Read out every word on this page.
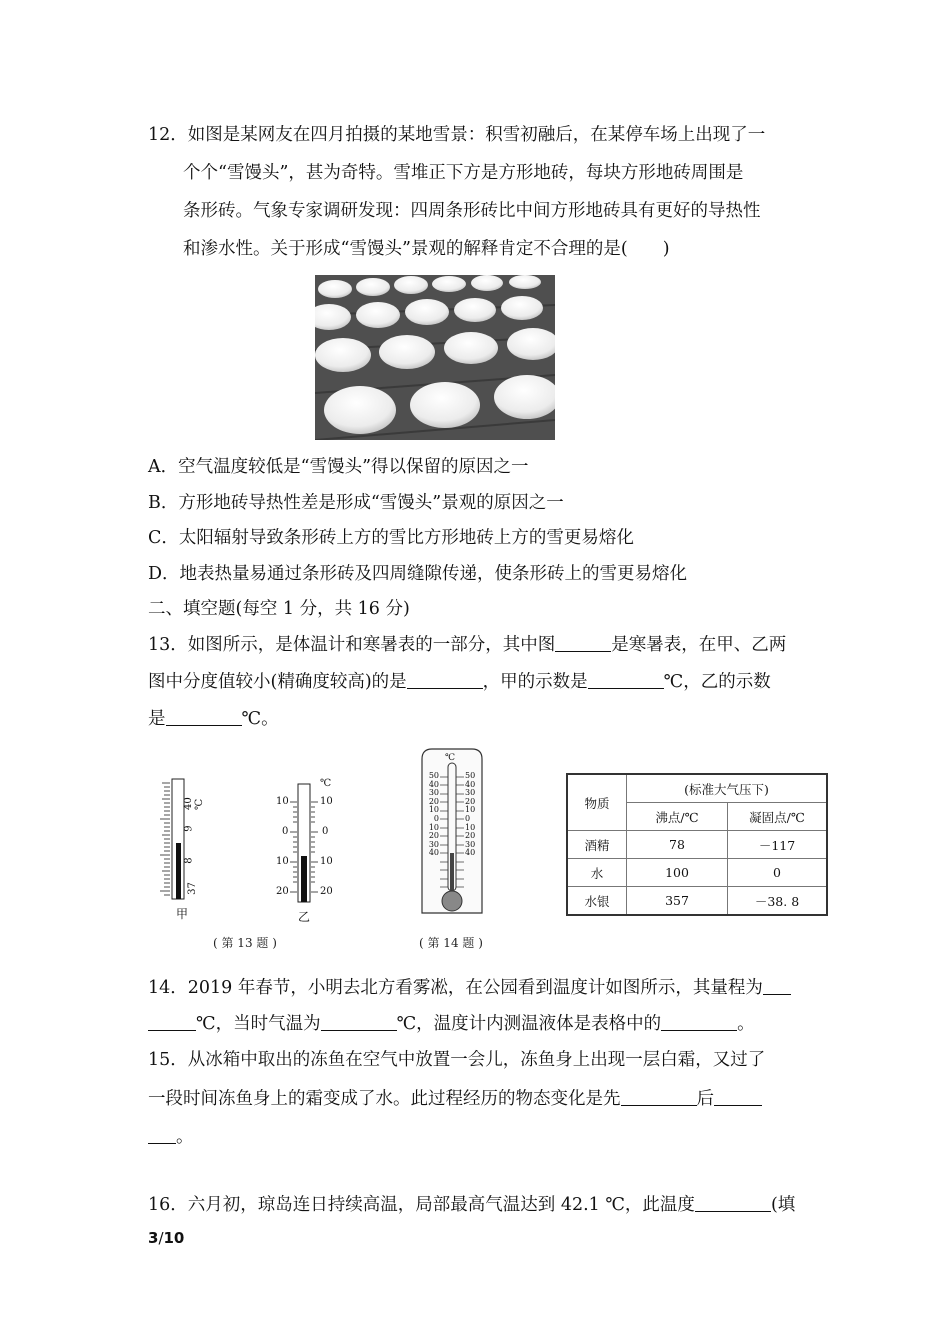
12．如图是某网友在四月拍摄的某地雪景：积雪初融后，在某停车场上出现了一
个个“雪馒头”，甚为奇特。雪堆正下方是方形地砖，每块方形地砖周围是
条形砖。气象专家调研发现：四周条形砖比中间方形地砖具有更好的导热性
和渗水性。关于形成“雪馒头”景观的解释肯定不合理的是(　　)
A．空气温度较低是“雪馒头”得以保留的原因之一
B．方形地砖导热性差是形成“雪馒头”景观的原因之一
C．太阳辐射导致条形砖上方的雪比方形地砖上方的雪更易熔化
D．地表热量易通过条形砖及四周缝隙传递，使条形砖上的雪更易熔化
二、填空题(每空 1 分，共 16 分)
13．如图所示，是体温计和寒暑表的一部分，其中图	是寒暑表，在甲、乙两
图中分度值较小(精确度较高)的是	，甲的示数是	℃，乙的示数
是	℃。
37
8
9
40 ℃
甲
℃
10	10
0	0
10	10
20	20
乙
℃
50
40
30
20
10
0
10
20
30
40
50
40
30
20
10
0
10
20
30
40
( 第 13 题 )	( 第 14 题 )
物质	(标准大气压下)	
	沸点/℃	凝固点/℃
酒精	78	－117
水	100	0
水银	357	－38. 8
14．2019 年春节，小明去北方看雾凇，在公园看到温度计如图所示，其量程为
℃，当时气温为	℃，温度计内测温液体是表格中的	。
15．从冰箱中取出的冻鱼在空气中放置一会儿，冻鱼身上出现一层白霜，又过了
一段时间冻鱼身上的霜变成了水。此过程经历的物态变化是先	后
。
16．六月初，琼岛连日持续高温，局部最高气温达到 42.1 ℃，此温度	(填
3/10
